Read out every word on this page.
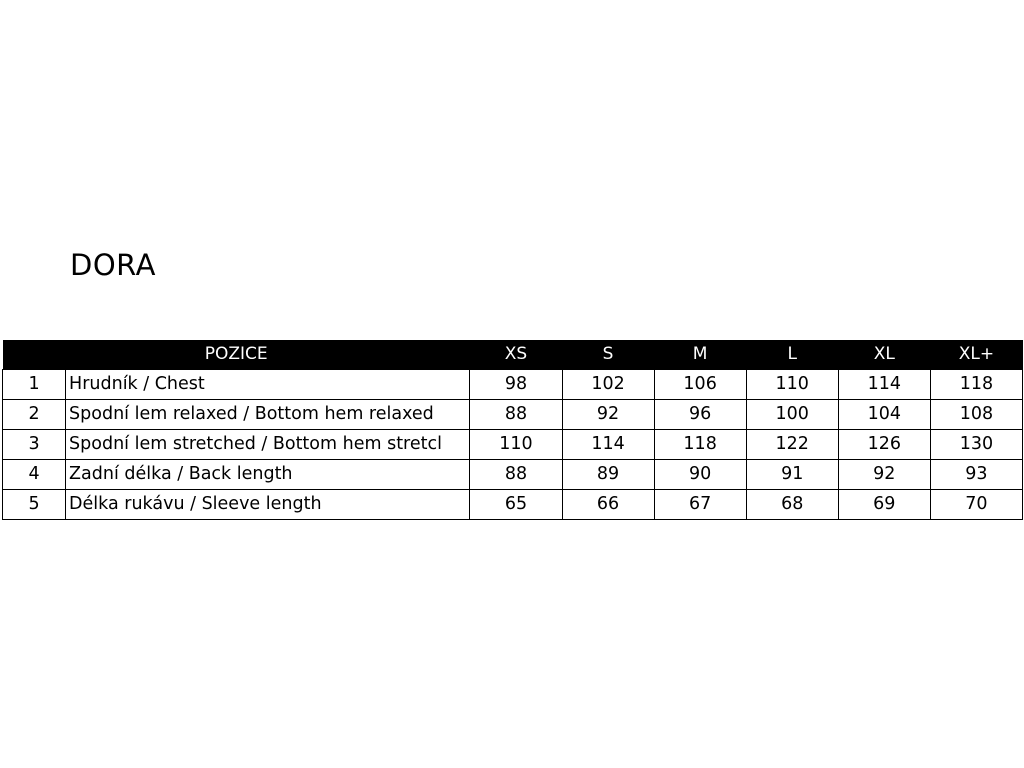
DORA
POZICE		XS	S	M	L	XL	XL+
1	Hrudník / Chest	98	102	106	110	114	118
2	Spodní lem relaxed / Bottom hem relaxed	88	92	96	100	104	108
3	Spodní lem stretched / Bottom hem stretcl	110	114	118	122	126	130
4	Zadní délka / Back length	88	89	90	91	92	93
5	Délka rukávu / Sleeve length	65	66	67	68	69	70
